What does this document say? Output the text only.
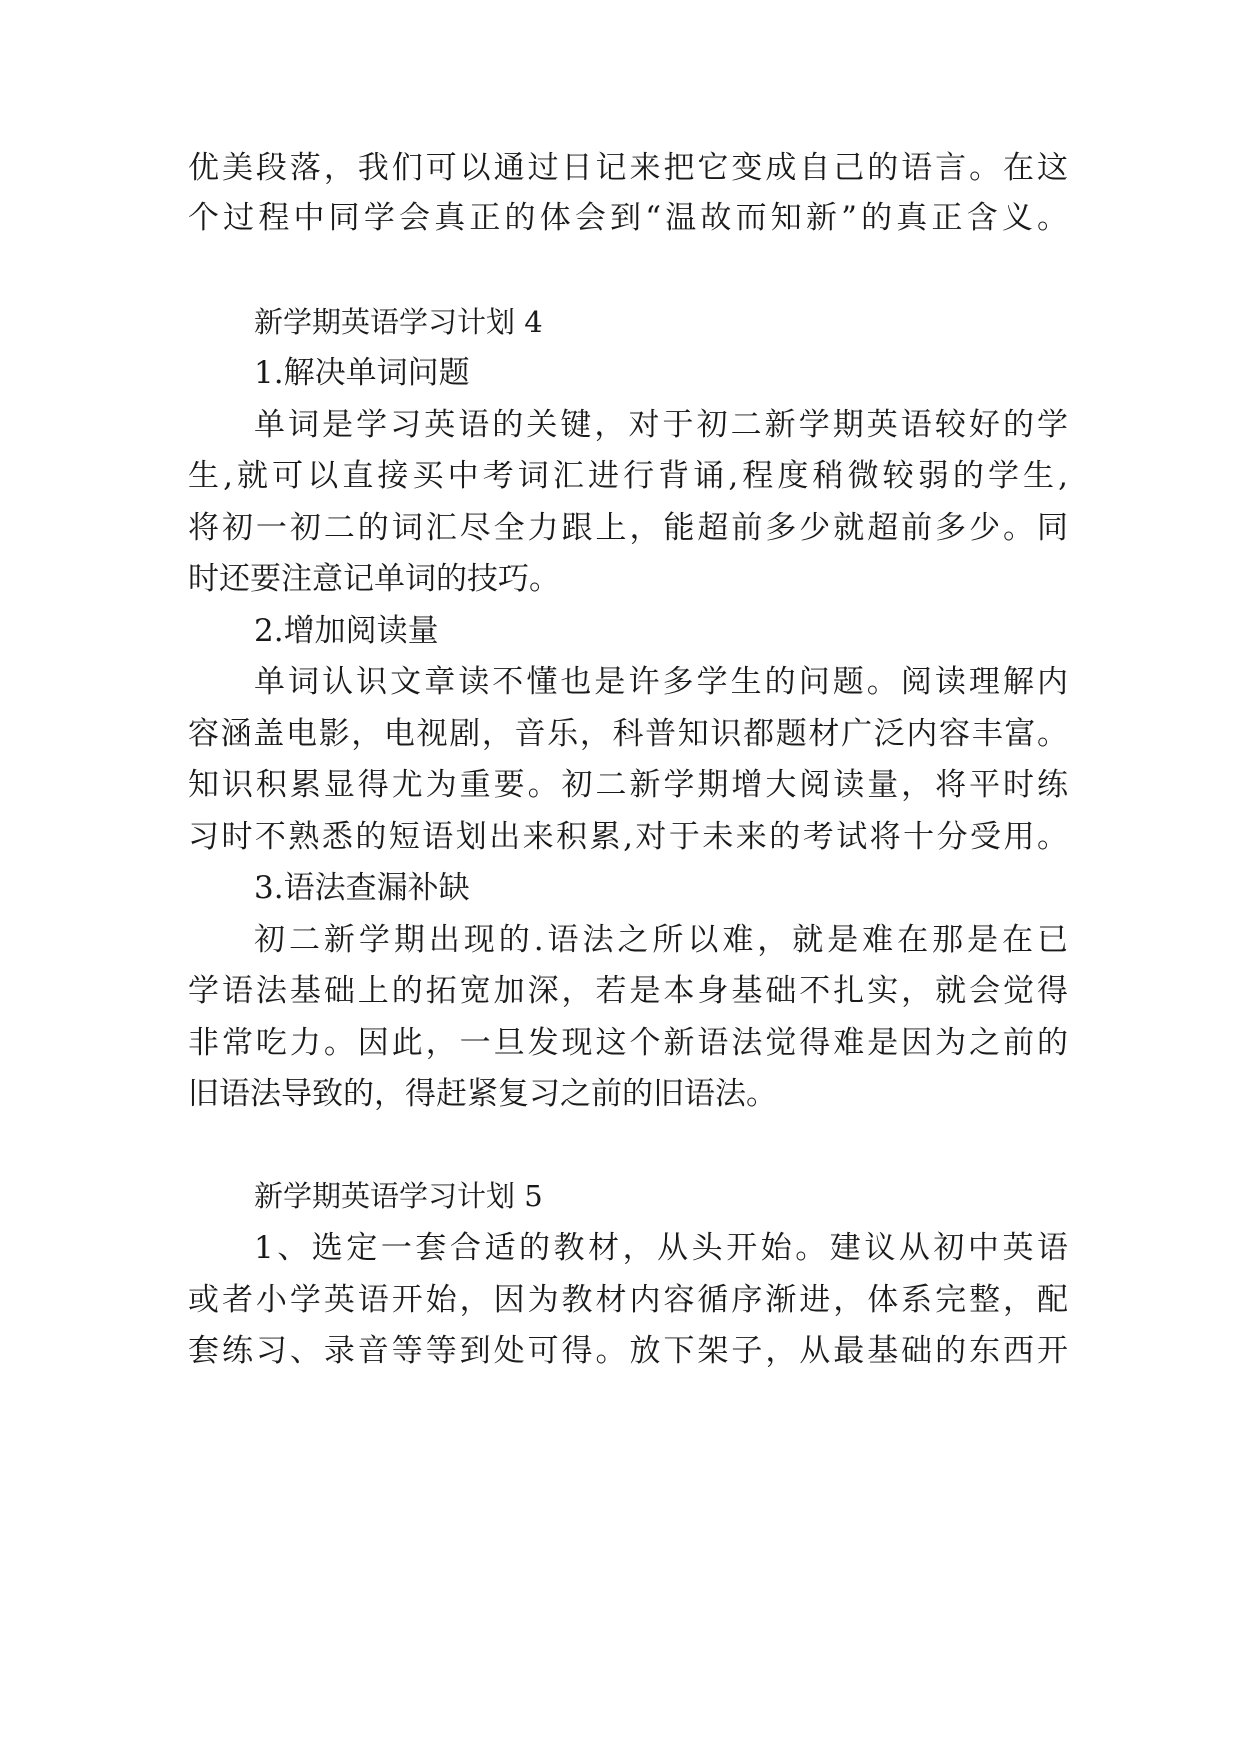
优美段落，我们可以通过日记来把它变成自己的语言。在这
个过程中同学会真正的体会到“温故而知新”的真正含义。
新学期英语学习计划 4
1.解决单词问题
单词是学习英语的关键，对于初二新学期英语较好的学
生,就可以直接买中考词汇进行背诵,程度稍微较弱的学生,
将初一初二的词汇尽全力跟上，能超前多少就超前多少。同
时还要注意记单词的技巧。
2.增加阅读量
单词认识文章读不懂也是许多学生的问题。阅读理解内
容涵盖电影，电视剧，音乐，科普知识都题材广泛内容丰富。
知识积累显得尤为重要。初二新学期增大阅读量，将平时练
习时不熟悉的短语划出来积累,对于未来的考试将十分受用。
3.语法查漏补缺
初二新学期出现的.语法之所以难，就是难在那是在已
学语法基础上的拓宽加深，若是本身基础不扎实，就会觉得
非常吃力。因此，一旦发现这个新语法觉得难是因为之前的
旧语法导致的，得赶紧复习之前的旧语法。
新学期英语学习计划 5
1、选定一套合适的教材，从头开始。建议从初中英语
或者小学英语开始，因为教材内容循序渐进，体系完整，配
套练习、录音等等到处可得。放下架子，从最基础的东西开
